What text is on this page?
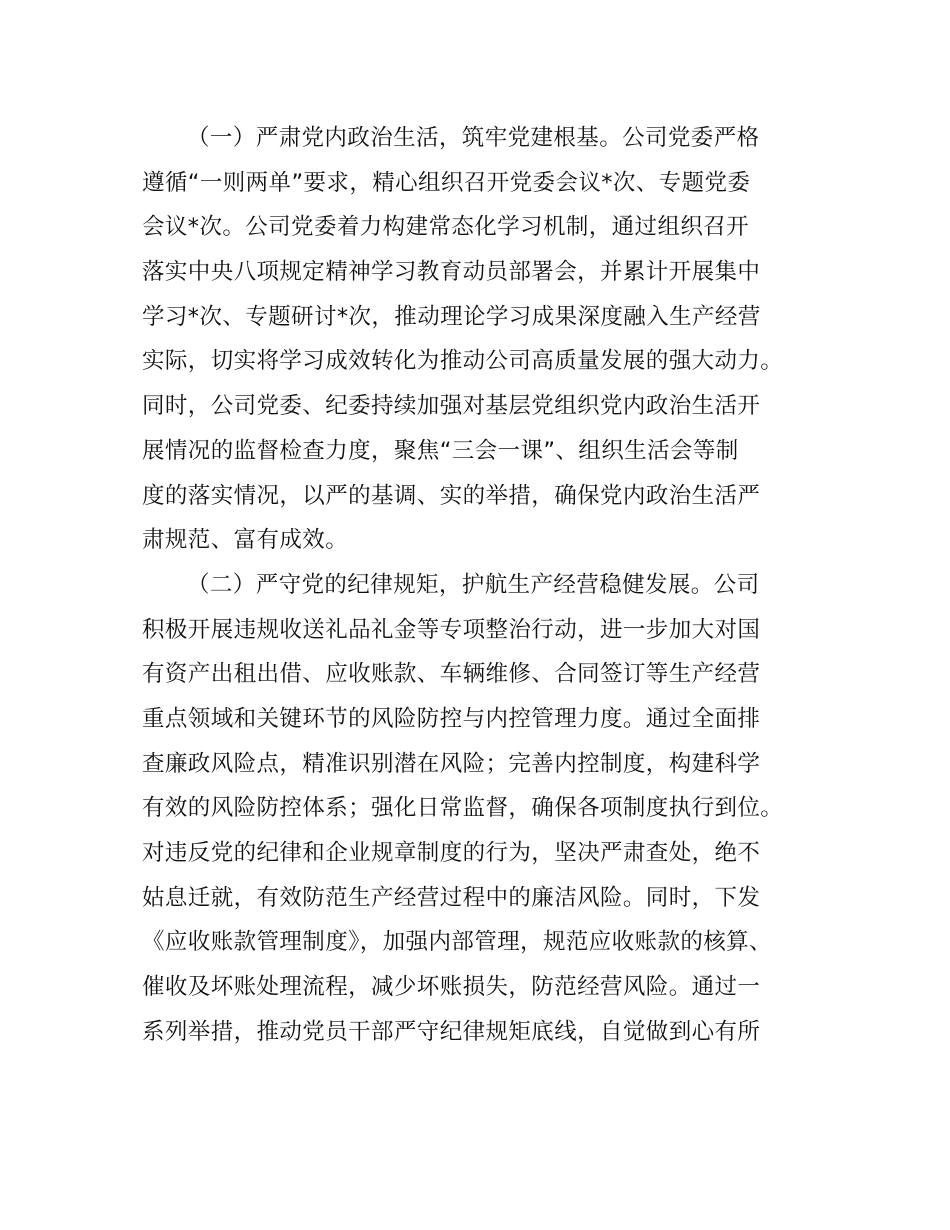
（一）严肃党内政治生活，筑牢党建根基。公司党委严格
遵循“一则两单”要求，精心组织召开党委会议*次、专题党委
会议*次。公司党委着力构建常态化学习机制，通过组织召开
落实中央八项规定精神学习教育动员部署会，并累计开展集中
学习*次、专题研讨*次，推动理论学习成果深度融入生产经营
实际，切实将学习成效转化为推动公司高质量发展的强大动力。
同时，公司党委、纪委持续加强对基层党组织党内政治生活开
展情况的监督检查力度，聚焦“三会一课”、组织生活会等制
度的落实情况，以严的基调、实的举措，确保党内政治生活严
肃规范、富有成效。
（二）严守党的纪律规矩，护航生产经营稳健发展。公司
积极开展违规收送礼品礼金等专项整治行动，进一步加大对国
有资产出租出借、应收账款、车辆维修、合同签订等生产经营
重点领域和关键环节的风险防控与内控管理力度。通过全面排
查廉政风险点，精准识别潜在风险；完善内控制度，构建科学
有效的风险防控体系；强化日常监督，确保各项制度执行到位。
对违反党的纪律和企业规章制度的行为，坚决严肃查处，绝不
姑息迁就，有效防范生产经营过程中的廉洁风险。同时，下发
《应收账款管理制度》，加强内部管理，规范应收账款的核算、
催收及坏账处理流程，减少坏账损失，防范经营风险。通过一
系列举措，推动党员干部严守纪律规矩底线，自觉做到心有所
